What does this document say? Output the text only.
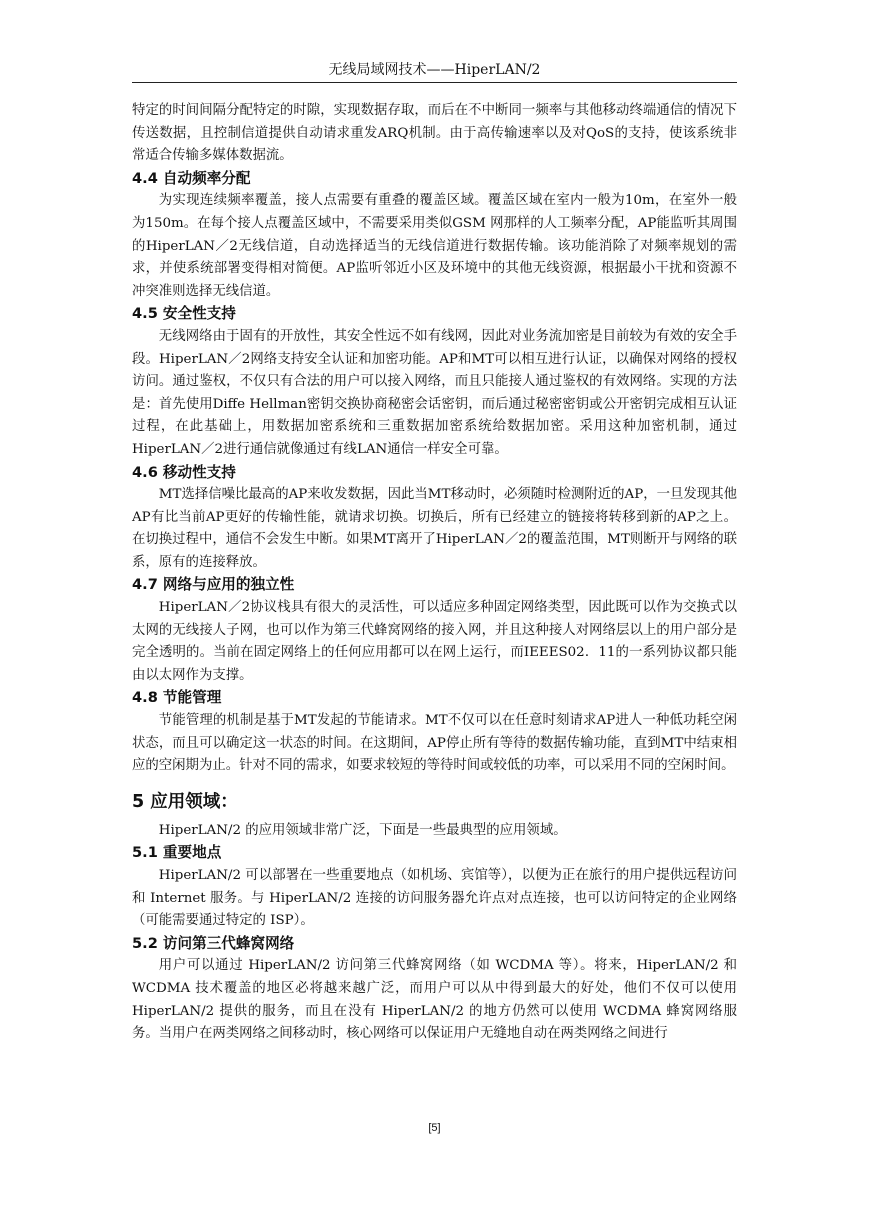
无线局域网技术——HiperLAN/2

特定的时间间隔分配特定的时隙，实现数据存取，而后在不中断同一频率与其他移动终端通信的情况下传送数据，且控制信道提供自动请求重发ARQ机制。由于高传输速率以及对QoS的支持，使该系统非常适合传输多媒体数据流。

4.4 自动频率分配

为实现连续频率覆盖，接人点需要有重叠的覆盖区域。覆盖区域在室内一般为10m，在室外一般为150m。在每个接人点覆盖区域中，不需要采用类似GSM 网那样的人工频率分配，AP能监听其周围的HiperLAN／2无线信道，自动选择适当的无线信道进行数据传输。该功能消除了对频率规划的需求，并使系统部署变得相对简便。AP监听邻近小区及环境中的其他无线资源，根据最小干扰和资源不冲突准则选择无线信道。

4.5 安全性支持

无线网络由于固有的开放性，其安全性远不如有线网，因此对业务流加密是目前较为有效的安全手段。HiperLAN／2网络支持安全认证和加密功能。AP和MT可以相互进行认证，以确保对网络的授权访问。通过鉴权，不仅只有合法的用户可以接入网络，而且只能接人通过鉴权的有效网络。实现的方法是：首先使用Diffe Hellman密钥交换协商秘密会话密钥，而后通过秘密密钥或公开密钥完成相互认证过程，在此基础上，用数据加密系统和三重数据加密系统给数据加密。采用这种加密机制，通过HiperLAN／2进行通信就像通过有线LAN通信一样安全可靠。

4.6 移动性支持

MT选择信噪比最高的AP来收发数据，因此当MT移动时，必须随时检测附近的AP，一旦发现其他AP有比当前AP更好的传输性能，就请求切换。切换后，所有已经建立的链接将转移到新的AP之上。在切换过程中，通信不会发生中断。如果MT离开了HiperLAN／2的覆盖范围，MT则断开与网络的联系，原有的连接释放。

4.7 网络与应用的独立性

HiperLAN／2协议栈具有很大的灵活性，可以适应多种固定网络类型，因此既可以作为交换式以太网的无线接人子网，也可以作为第三代蜂窝网络的接入网，并且这种接人对网络层以上的用户部分是完全透明的。当前在固定网络上的任何应用都可以在网上运行，而IEEES02．11的一系列协议都只能由以太网作为支撑。

4.8 节能管理

节能管理的机制是基于MT发起的节能请求。MT不仅可以在任意时刻请求AP进人一种低功耗空闲状态，而且可以确定这一状态的时间。在这期间，AP停止所有等待的数据传输功能，直到MT中结束相应的空闲期为止。针对不同的需求，如要求较短的等待时间或较低的功率，可以采用不同的空闲时间。

5 应用领域：

HiperLAN/2 的应用领域非常广泛，下面是一些最典型的应用领域。

5.1 重要地点

HiperLAN/2 可以部署在一些重要地点（如机场、宾馆等），以便为正在旅行的用户提供远程访问和 Internet 服务。与 HiperLAN/2 连接的访问服务器允许点对点连接，也可以访问特定的企业网络（可能需要通过特定的 ISP）。

5.2 访问第三代蜂窝网络

用户可以通过 HiperLAN/2 访问第三代蜂窝网络（如 WCDMA 等）。将来，HiperLAN/2 和 WCDMA 技术覆盖的地区必将越来越广泛，而用户可以从中得到最大的好处，他们不仅可以使用 HiperLAN/2 提供的服务，而且在没有 HiperLAN/2 的地方仍然可以使用 WCDMA 蜂窝网络服务。当用户在两类网络之间移动时，核心网络可以保证用户无缝地自动在两类网络之间进行

[5]
